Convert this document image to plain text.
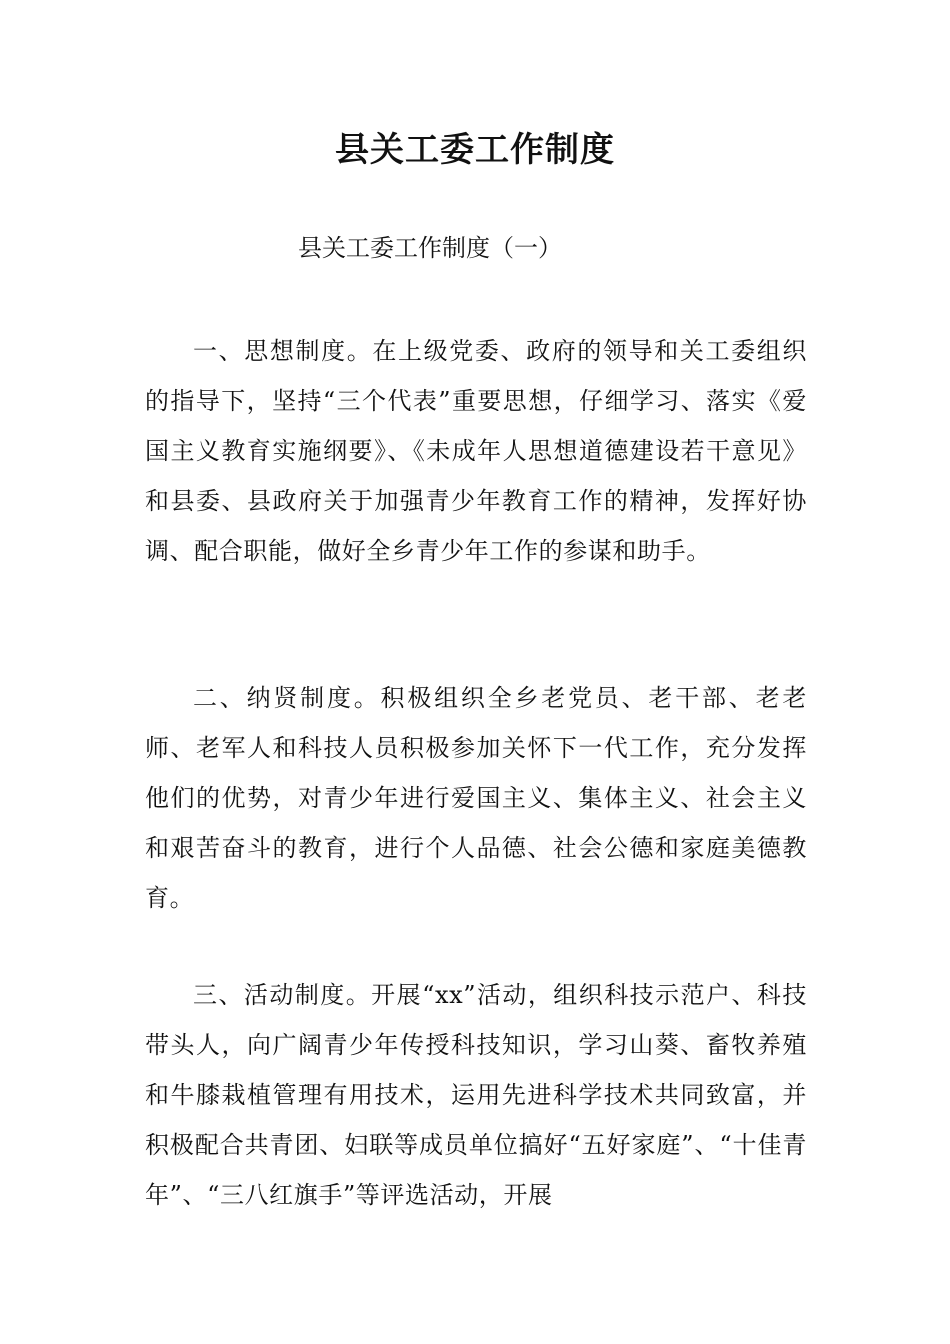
县关工委工作制度

县关工委工作制度（一）

一、思想制度。在上级党委、政府的领导和关工委组织的指导下，坚持“三个代表”重要思想，仔细学习、落实《爱国主义教育实施纲要》、《未成年人思想道德建设若干意见》和县委、县政府关于加强青少年教育工作的精神，发挥好协调、配合职能，做好全乡青少年工作的参谋和助手。

二、纳贤制度。积极组织全乡老党员、老干部、老老师、老军人和科技人员积极参加关怀下一代工作，充分发挥他们的优势，对青少年进行爱国主义、集体主义、社会主义和艰苦奋斗的教育，进行个人品德、社会公德和家庭美德教育。

三、活动制度。开展“xx”活动，组织科技示范户、科技带头人，向广阔青少年传授科技知识，学习山葵、畜牧养殖和牛膝栽植管理有用技术，运用先进科学技术共同致富，并积极配合共青团、妇联等成员单位搞好“五好家庭”、“十佳青年”、“三八红旗手”等评选活动，开展
